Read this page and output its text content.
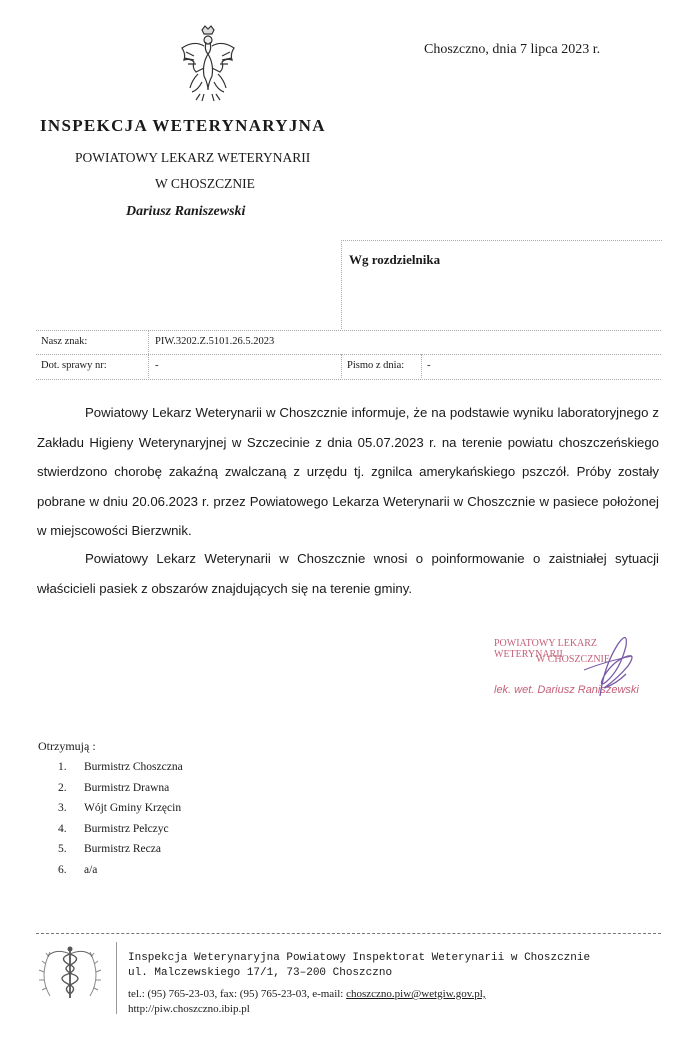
Choszczno, dnia 7 lipca 2023 r.
INSPEKCJA WETERYNARYJNA
POWIATOWY LEKARZ WETERYNARII
W CHOSZCZNIE
Dariusz Raniszewski
Wg rozdzielnika
Nasz znak:	PIW.3202.Z.5101.26.5.2023
Dot. sprawy nr:	-	Pismo z dnia: -

Powiatowy Lekarz Weterynarii w Choszcznie informuje, że na podstawie wyniku laboratoryjnego z Zakładu Higieny Weterynaryjnej w Szczecinie z dnia 05.07.2023 r. na terenie powiatu choszczeńskiego stwierdzono chorobę zakaźną zwalczaną z urzędu tj. zgnilca amerykańskiego pszczół. Próby zostały pobrane w dniu 20.06.2023 r. przez Powiatowego Lekarza Weterynarii w Choszcznie w pasiece położonej w miejscowości Bierzwnik.

Powiatowy Lekarz Weterynarii w Choszcznie wnosi o poinformowanie o zaistniałej sytuacji właścicieli pasiek z obszarów znajdujących się na terenie gminy.

POWIATOWY LEKARZ WETERYNARII
W CHOSZCZNIE
lek. wet. Dariusz Raniszewski
Otrzymują :
1. Burmistrz Choszczna
2. Burmistrz Drawna
3. Wójt Gminy Krzęcin
4. Burmistrz Pełczyc
5. Burmistrz Recza
6. a/a
Inspekcja Weterynaryjna Powiatowy Inspektorat Weterynarii w Choszcznie
ul. Malczewskiego 17/1, 73–200 Choszczno
tel.: (95) 765-23-03, fax: (95) 765-23-03, e-mail: choszczno.piw@wetgiw.gov.pl,
http://piw.choszczno.ibip.pl
